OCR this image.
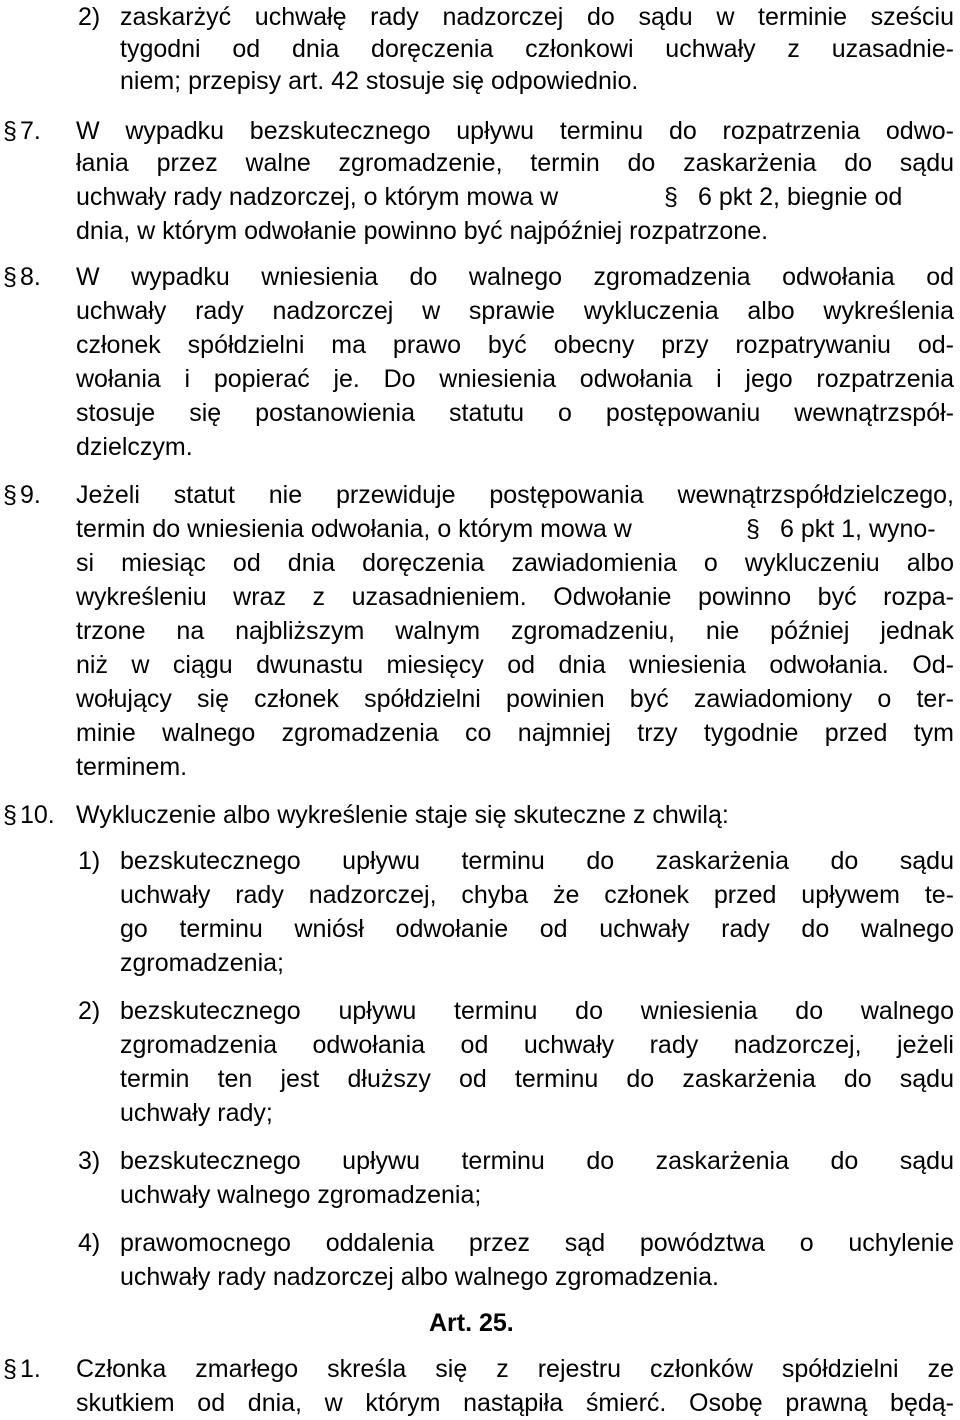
2) zaskarżyć uchwałę rady nadzorczej do sądu w terminie sześciu
tygodni od dnia doręczenia członkowi uchwały z uzasadnie-
niem; przepisy art. 42 stosuje się odpowiednio.
§ 7. W wypadku bezskutecznego upływu terminu do rozpatrzenia odwo-
łania przez walne zgromadzenie, termin do zaskarżenia do sądu
uchwały rady nadzorczej, o którym mowa w	§ 6 pkt 2, biegnie od
dnia, w którym odwołanie powinno być najpóźniej rozpatrzone.
§ 8. W wypadku wniesienia do walnego zgromadzenia odwołania od
uchwały rady nadzorczej w sprawie wykluczenia albo wykreślenia
członek spółdzielni ma prawo być obecny przy rozpatrywaniu od-
wołania i popierać je. Do wniesienia odwołania i jego rozpatrzenia
stosuje się postanowienia statutu o postępowaniu wewnątrzspół-
dzielczym.
§ 9. Jeżeli statut nie przewiduje postępowania wewnątrzspółdzielczego,
termin do wniesienia odwołania, o którym mowa w	§ 6 pkt 1, wyno-
si miesiąc od dnia doręczenia zawiadomienia o wykluczeniu albo
wykreśleniu wraz z uzasadnieniem. Odwołanie powinno być rozpa-
trzone na najbliższym walnym zgromadzeniu, nie później jednak
niż w ciągu dwunastu miesięcy od dnia wniesienia odwołania. Od-
wołujący się członek spółdzielni powinien być zawiadomiony o ter-
minie walnego zgromadzenia co najmniej trzy tygodnie przed tym
terminem.
§ 10. Wykluczenie albo wykreślenie staje się skuteczne z chwilą:
1) bezskutecznego upływu terminu do zaskarżenia do sądu
uchwały rady nadzorczej, chyba że członek przed upływem te-
go terminu wniósł odwołanie od uchwały rady do walnego
zgromadzenia;
2) bezskutecznego upływu terminu do wniesienia do walnego
zgromadzenia odwołania od uchwały rady nadzorczej, jeżeli
termin ten jest dłuższy od terminu do zaskarżenia do sądu
uchwały rady;
3) bezskutecznego upływu terminu do zaskarżenia do sądu
uchwały walnego zgromadzenia;
4) prawomocnego oddalenia przez sąd powództwa o uchylenie
uchwały rady nadzorczej albo walnego zgromadzenia.
Art. 25.
§ 1. Członka zmarłego skreśla się z rejestru członków spółdzielni ze
skutkiem od dnia, w którym nastąpiła śmierć. Osobę prawną będą-
